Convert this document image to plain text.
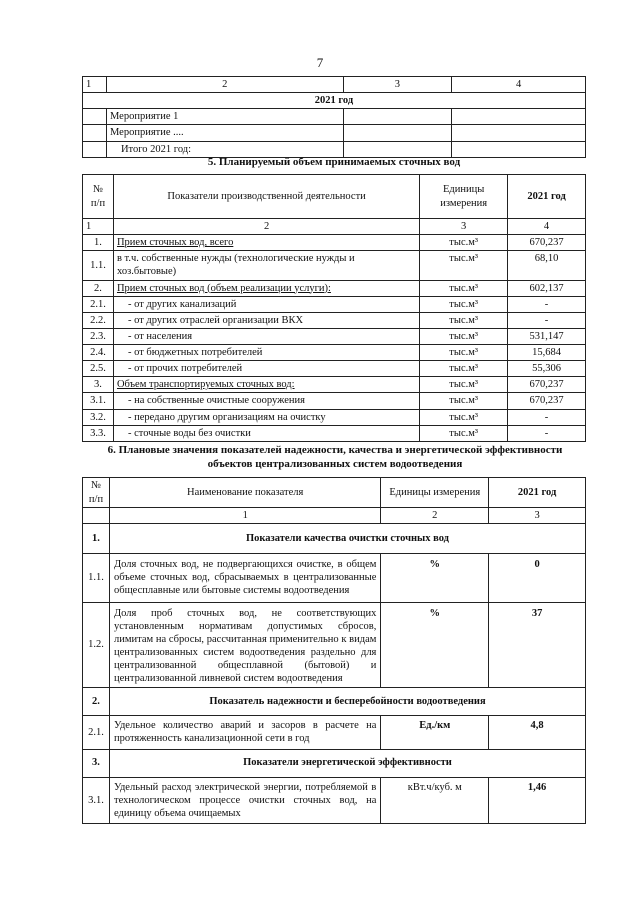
7
1	2	3	4
2021 год			
	Мероприятие 1		
	Мероприятие ....		
	Итого 2021 год:		
5. Планируемый объем принимаемых сточных вод
№
п/п	Показатели производственной деятельности	Единицы
измерения	2021 год
1	2	3	4
1.	Прием сточных вод, всего	тыс.м³	670,237
1.1.	в т.ч. собственные нужды (технологические нужды и хоз.бытовые)	тыс.м³	68,10
2.	Прием сточных вод (объем реализации услуги):	тыс.м³	602,137
2.1.	- от других канализаций	тыс.м³	-
2.2.	- от других отраслей организации ВКХ	тыс.м³	-
2.3.	- от населения	тыс.м³	531,147
2.4.	- от бюджетных потребителей	тыс.м³	15,684
2.5.	- от прочих потребителей	тыс.м³	55,306
3.	Объем транспортируемых сточных вод:	тыс.м³	670,237
3.1.	- на собственные очистные сооружения	тыс.м³	670,237
3.2.	- передано другим организациям на очистку	тыс.м³	-
3.3.	- сточные воды без очистки	тыс.м³	-
6. Плановые значения показателей надежности, качества и энергетической эффективности
объектов централизованных систем водоотведения
№
п/п	Наименование показателя	Единицы измерения	2021 год
	1	2	3
1.	Показатели качества очистки сточных вод		
1.1.	Доля сточных вод, не подвергающихся очистке, в общем объеме сточных вод, сбрасываемых в централизованные общесплавные или бытовые системы водоотведения	%	0
1.2.	Доля проб сточных вод, не соответствующих установленным нормативам допустимых сбросов, лимитам на сбросы, рассчитанная применительно к видам централизованных систем водоотведения раздельно для централизованной общесплавной (бытовой) и централизованной ливневой систем водоотведения	%	37
2.	Показатель надежности и бесперебойности водоотведения		
2.1.	Удельное количество аварий и засоров в расчете на протяженность канализационной сети в год	Ед./км	4,8
3.	Показатели энергетической эффективности		
3.1.	Удельный расход электрической энергии, потребляемой в технологическом процессе очистки сточных вод, на единицу объема очищаемых	кВт.ч/куб. м	1,46
